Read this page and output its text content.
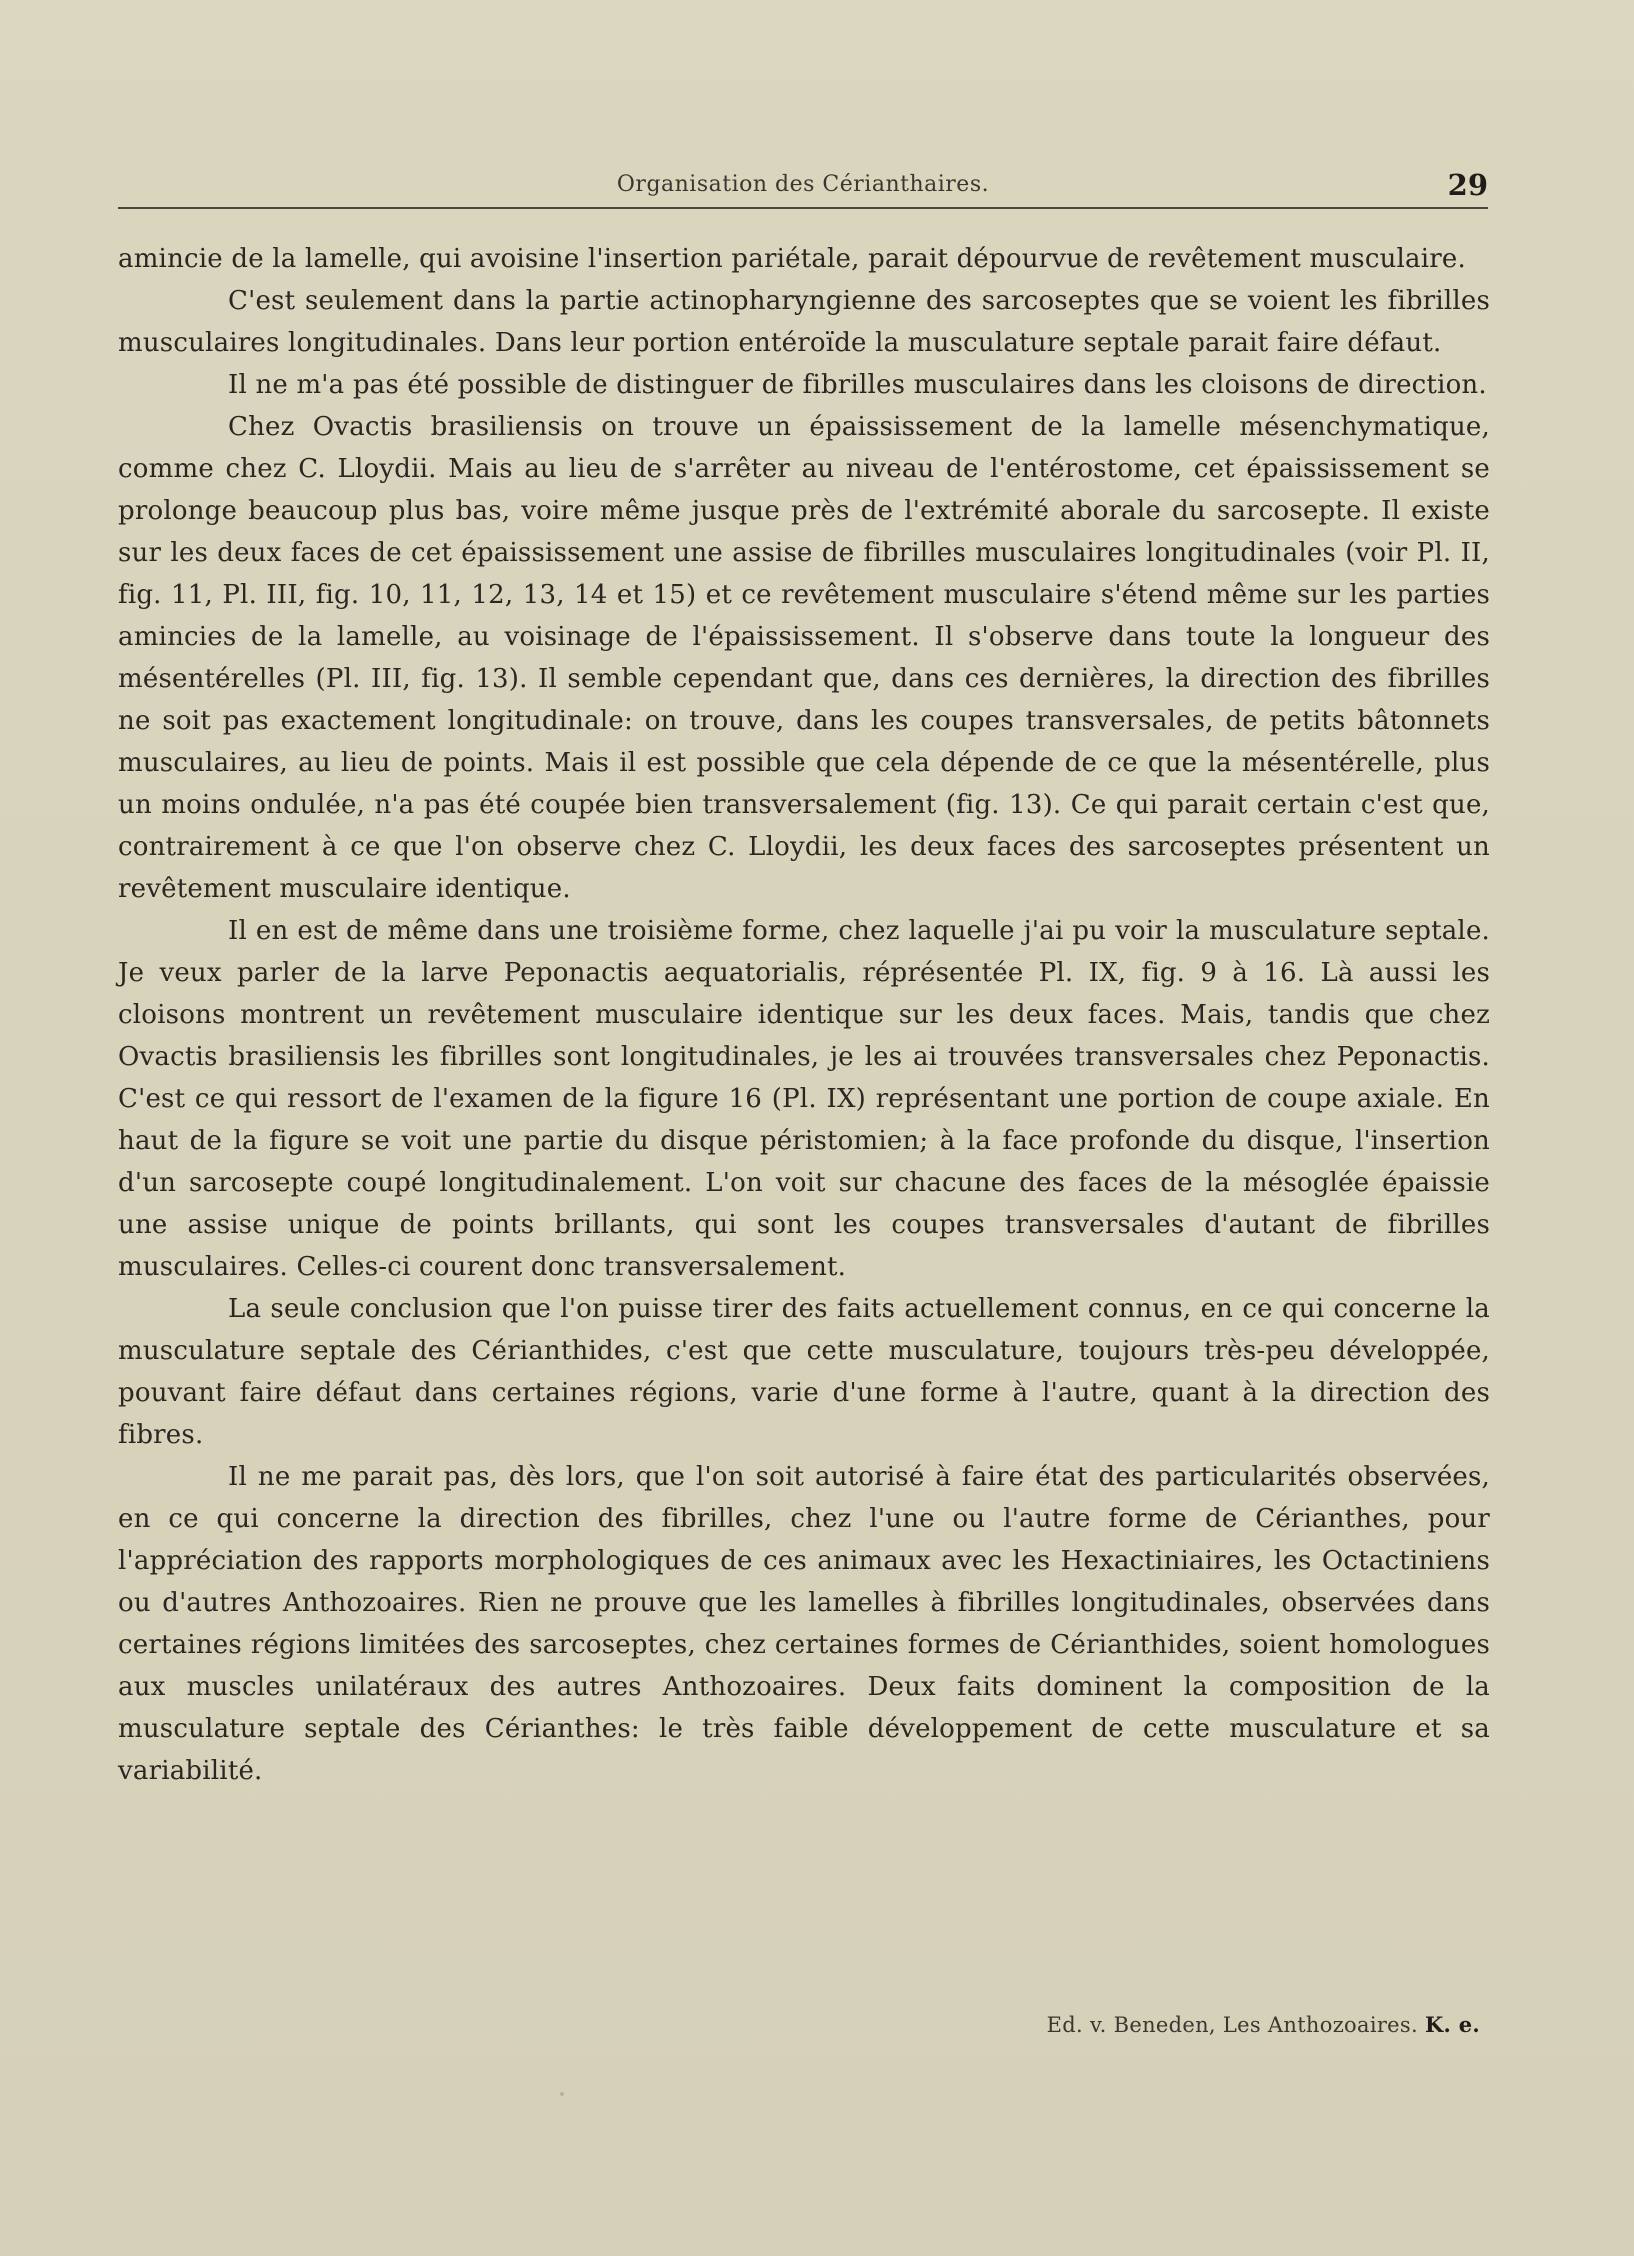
Organisation des Cérianthaires.	29

amincie de la lamelle, qui avoisine l'insertion pariétale, parait dépourvue de revêtement musculaire.

C'est seulement dans la partie actinopharyngienne des sarcoseptes que se voient les fibrilles musculaires longitudinales. Dans leur portion entéroïde la musculature septale parait faire défaut.

Il ne m'a pas été possible de distinguer de fibrilles musculaires dans les cloisons de direction.

Chez Ovactis brasiliensis on trouve un épaississement de la lamelle mésenchymatique, comme chez C. Lloydii. Mais au lieu de s'arrêter au niveau de l'entérostome, cet épaississement se prolonge beaucoup plus bas, voire même jusque près de l'extrémité aborale du sarcosepte. Il existe sur les deux faces de cet épaississement une assise de fibrilles musculaires longitudinales (voir Pl. II, fig. 11, Pl. III, fig. 10, 11, 12, 13, 14 et 15) et ce revêtement musculaire s'étend même sur les parties amincies de la lamelle, au voisinage de l'épaississement. Il s'observe dans toute la longueur des mésentérelles (Pl. III, fig. 13). Il semble cependant que, dans ces dernières, la direction des fibrilles ne soit pas exactement longitudinale: on trouve, dans les coupes transversales, de petits bâtonnets musculaires, au lieu de points. Mais il est possible que cela dépende de ce que la mésentérelle, plus un moins ondulée, n'a pas été coupée bien transversalement (fig. 13). Ce qui parait certain c'est que, contrairement à ce que l'on observe chez C. Lloydii, les deux faces des sarcoseptes présentent un revêtement musculaire identique.

Il en est de même dans une troisième forme, chez laquelle j'ai pu voir la musculature septale. Je veux parler de la larve Peponactis aequatorialis, réprésentée Pl. IX, fig. 9 à 16. Là aussi les cloisons montrent un revêtement musculaire identique sur les deux faces. Mais, tandis que chez Ovactis brasiliensis les fibrilles sont longitudinales, je les ai trouvées transversales chez Peponactis. C'est ce qui ressort de l'examen de la figure 16 (Pl. IX) représentant une portion de coupe axiale. En haut de la figure se voit une partie du disque péristomien; à la face profonde du disque, l'insertion d'un sarcosepte coupé longitudinalement. L'on voit sur chacune des faces de la mésoglée épaissie une assise unique de points brillants, qui sont les coupes transversales d'autant de fibrilles musculaires. Celles-ci courent donc transversalement.

La seule conclusion que l'on puisse tirer des faits actuellement connus, en ce qui concerne la musculature septale des Cérianthides, c'est que cette musculature, toujours très-peu développée, pouvant faire défaut dans certaines régions, varie d'une forme à l'autre, quant à la direction des fibres.

Il ne me parait pas, dès lors, que l'on soit autorisé à faire état des particularités observées, en ce qui concerne la direction des fibrilles, chez l'une ou l'autre forme de Cérianthes, pour l'appréciation des rapports morphologiques de ces animaux avec les Hexactiniaires, les Octactiniens ou d'autres Anthozoaires. Rien ne prouve que les lamelles à fibrilles longitudinales, observées dans certaines régions limitées des sarcoseptes, chez certaines formes de Cérianthides, soient homologues aux muscles unilatéraux des autres Anthozoaires. Deux faits dominent la composition de la musculature septale des Cérianthes: le très faible développement de cette musculature et sa variabilité.

Ed. v. Beneden, Les Anthozoaires. K. e.
